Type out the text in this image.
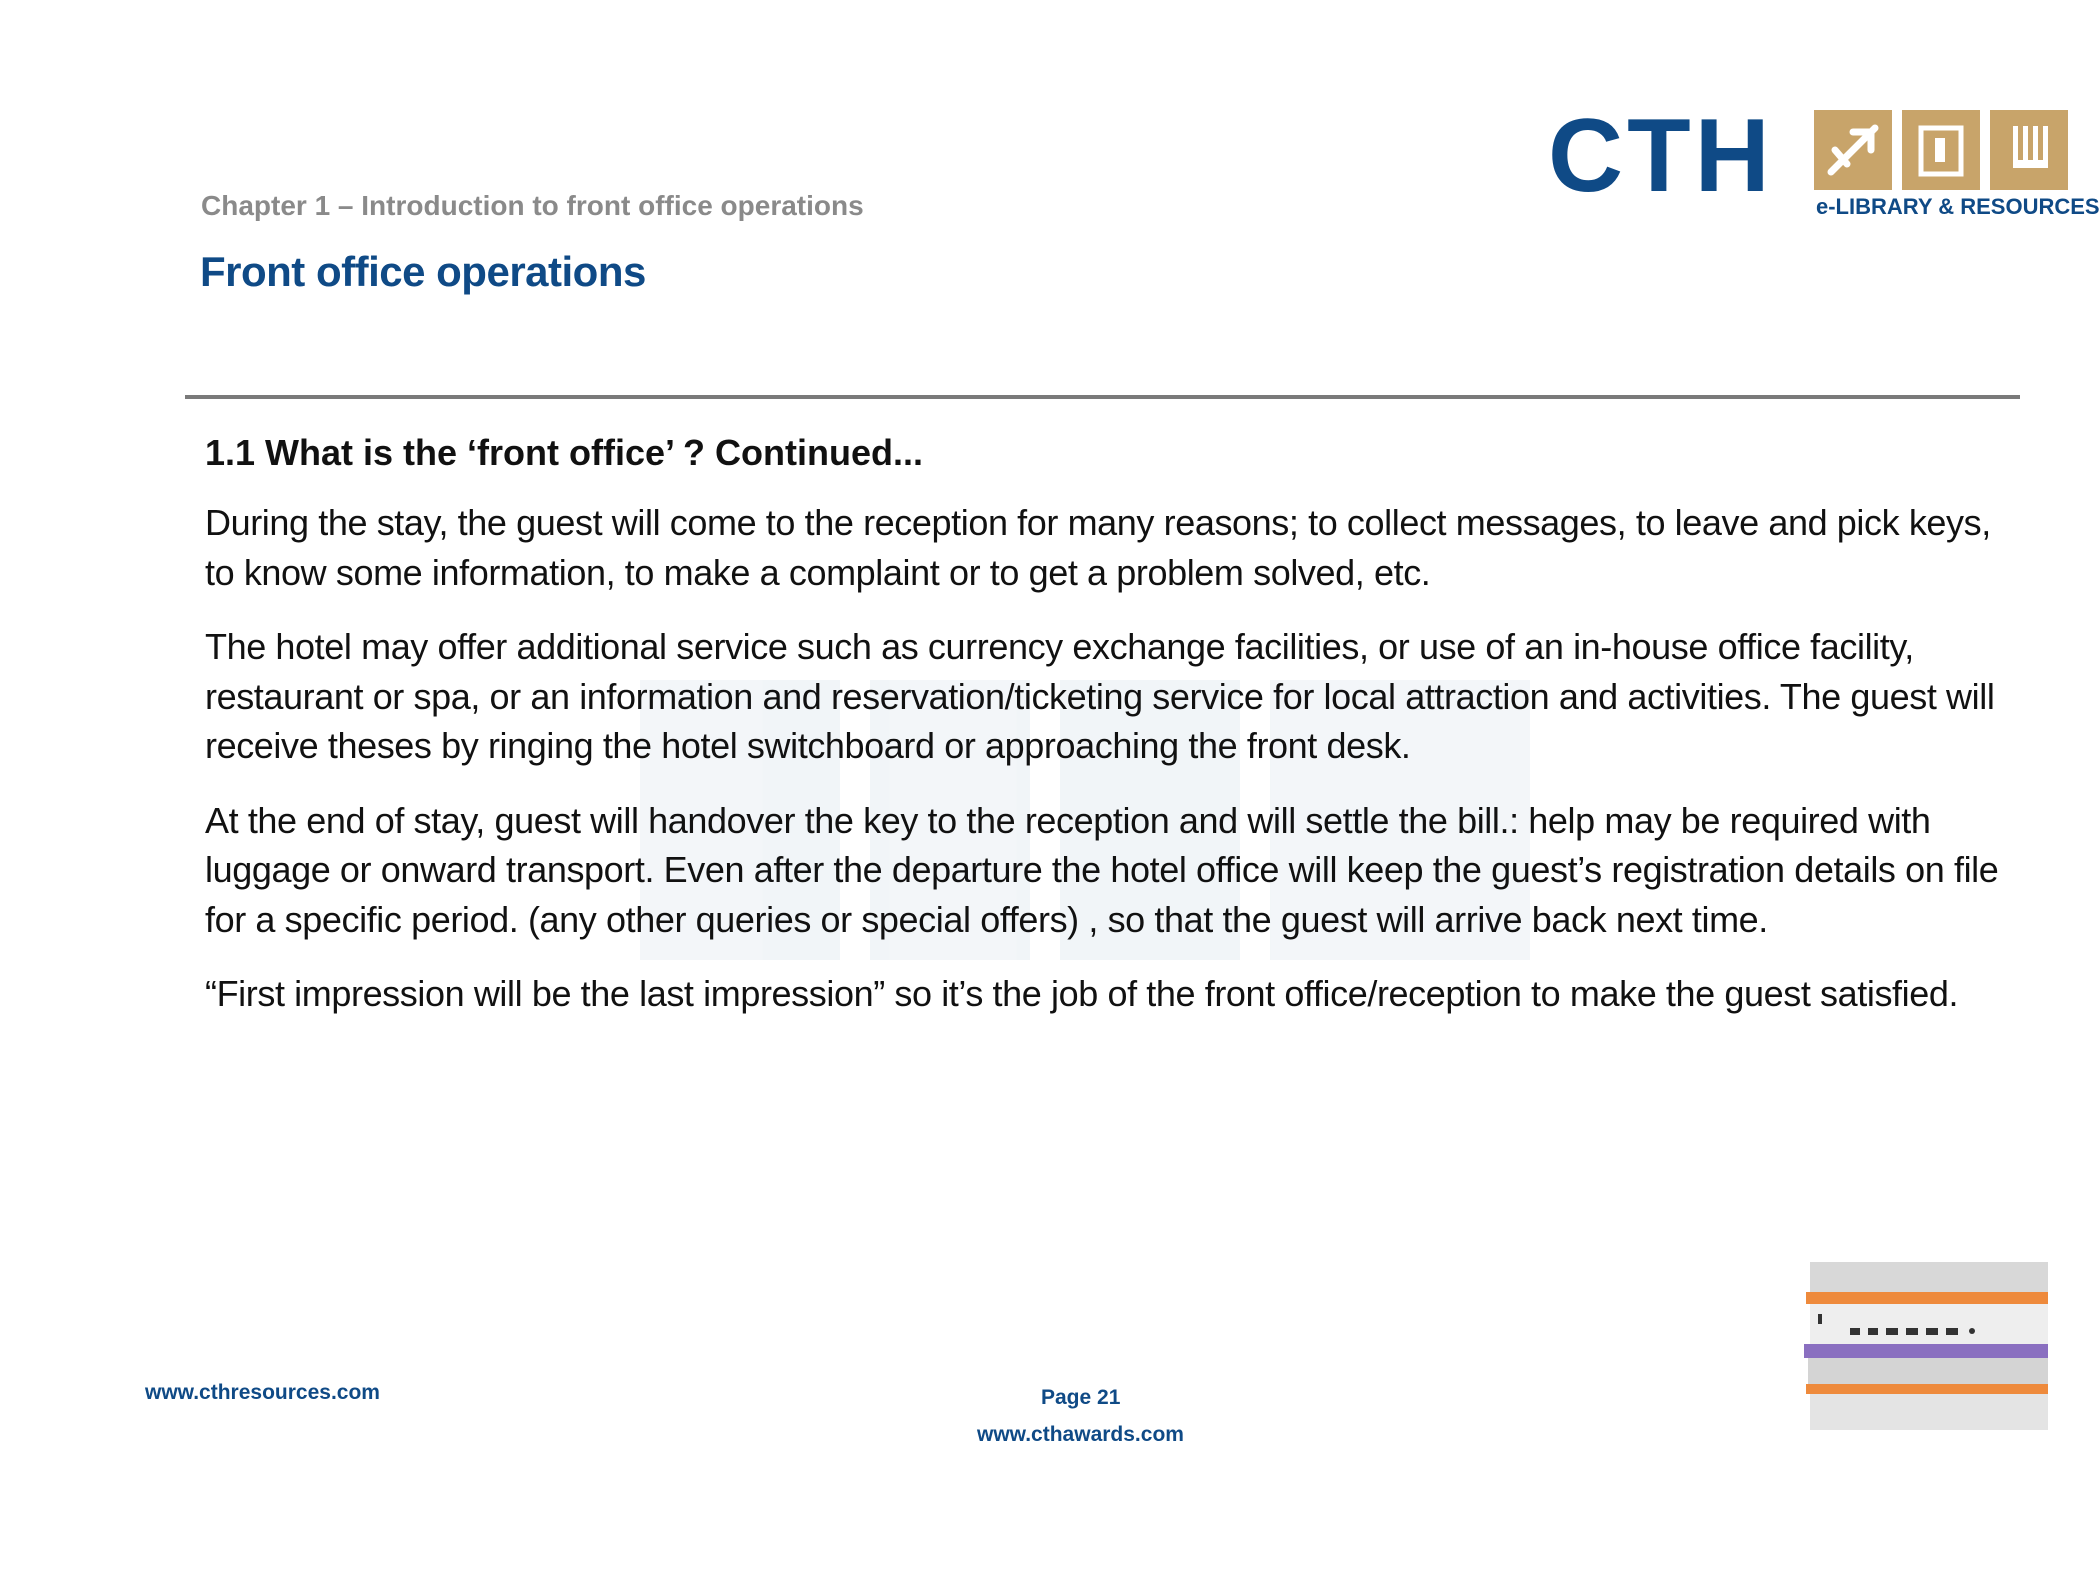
Chapter 1 – Introduction to front office operations
Front office operations
CTH e-LIBRARY & RESOURCES
1.1 What is the ‘front office’ ? Continued...

During the stay, the guest will come to the reception for many reasons; to collect messages, to leave and pick keys, to know some information, to make a complaint or to get a problem solved, etc.

The hotel may offer additional service such as currency exchange facilities, or use of an in-house office facility, restaurant or spa, or an information and reservation/ticketing service for local attraction and activities. The guest will receive theses by ringing the hotel switchboard or approaching the front desk.

At the end of stay, guest will handover the key to the reception and will settle the bill.: help may be required with luggage or onward transport. Even after the departure the hotel office will keep the guest’s registration details on file for a specific period. (any other queries or special offers) , so that the guest will arrive back next time.

“First impression will be the last impression” so it’s the job of the front office/reception to make the guest satisfied.

www.cthresources.com	Page 21
www.cthawards.com
